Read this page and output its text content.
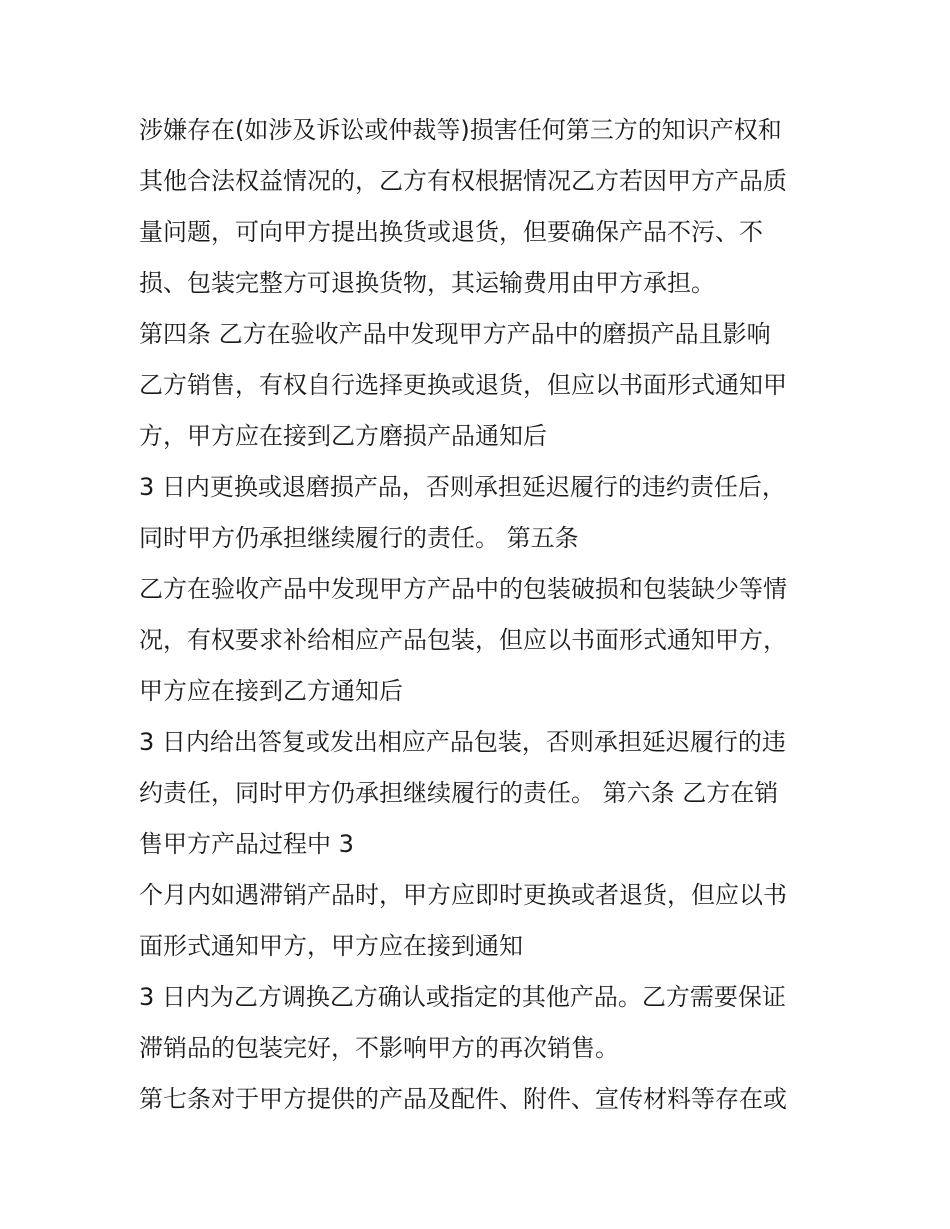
涉嫌存在(如涉及诉讼或仲裁等)损害任何第三方的知识产权和

其他合法权益情况的，乙方有权根据情况乙方若因甲方产品质

量问题，可向甲方提出换货或退货，但要确保产品不污、不

损、包装完整方可退换货物，其运输费用由甲方承担。

第四条 乙方在验收产品中发现甲方产品中的磨损产品且影响

乙方销售，有权自行选择更换或退货，但应以书面形式通知甲

方，甲方应在接到乙方磨损产品通知后

3 日内更换或退磨损产品，否则承担延迟履行的违约责任后，

同时甲方仍承担继续履行的责任。 第五条

乙方在验收产品中发现甲方产品中的包装破损和包装缺少等情

况，有权要求补给相应产品包装，但应以书面形式通知甲方，

甲方应在接到乙方通知后

3 日内给出答复或发出相应产品包装，否则承担延迟履行的违

约责任，同时甲方仍承担继续履行的责任。 第六条 乙方在销

售甲方产品过程中 3

个月内如遇滞销产品时，甲方应即时更换或者退货，但应以书

面形式通知甲方，甲方应在接到通知

3 日内为乙方调换乙方确认或指定的其他产品。乙方需要保证

滞销品的包装完好，不影响甲方的再次销售。

第七条对于甲方提供的产品及配件、附件、宣传材料等存在或
